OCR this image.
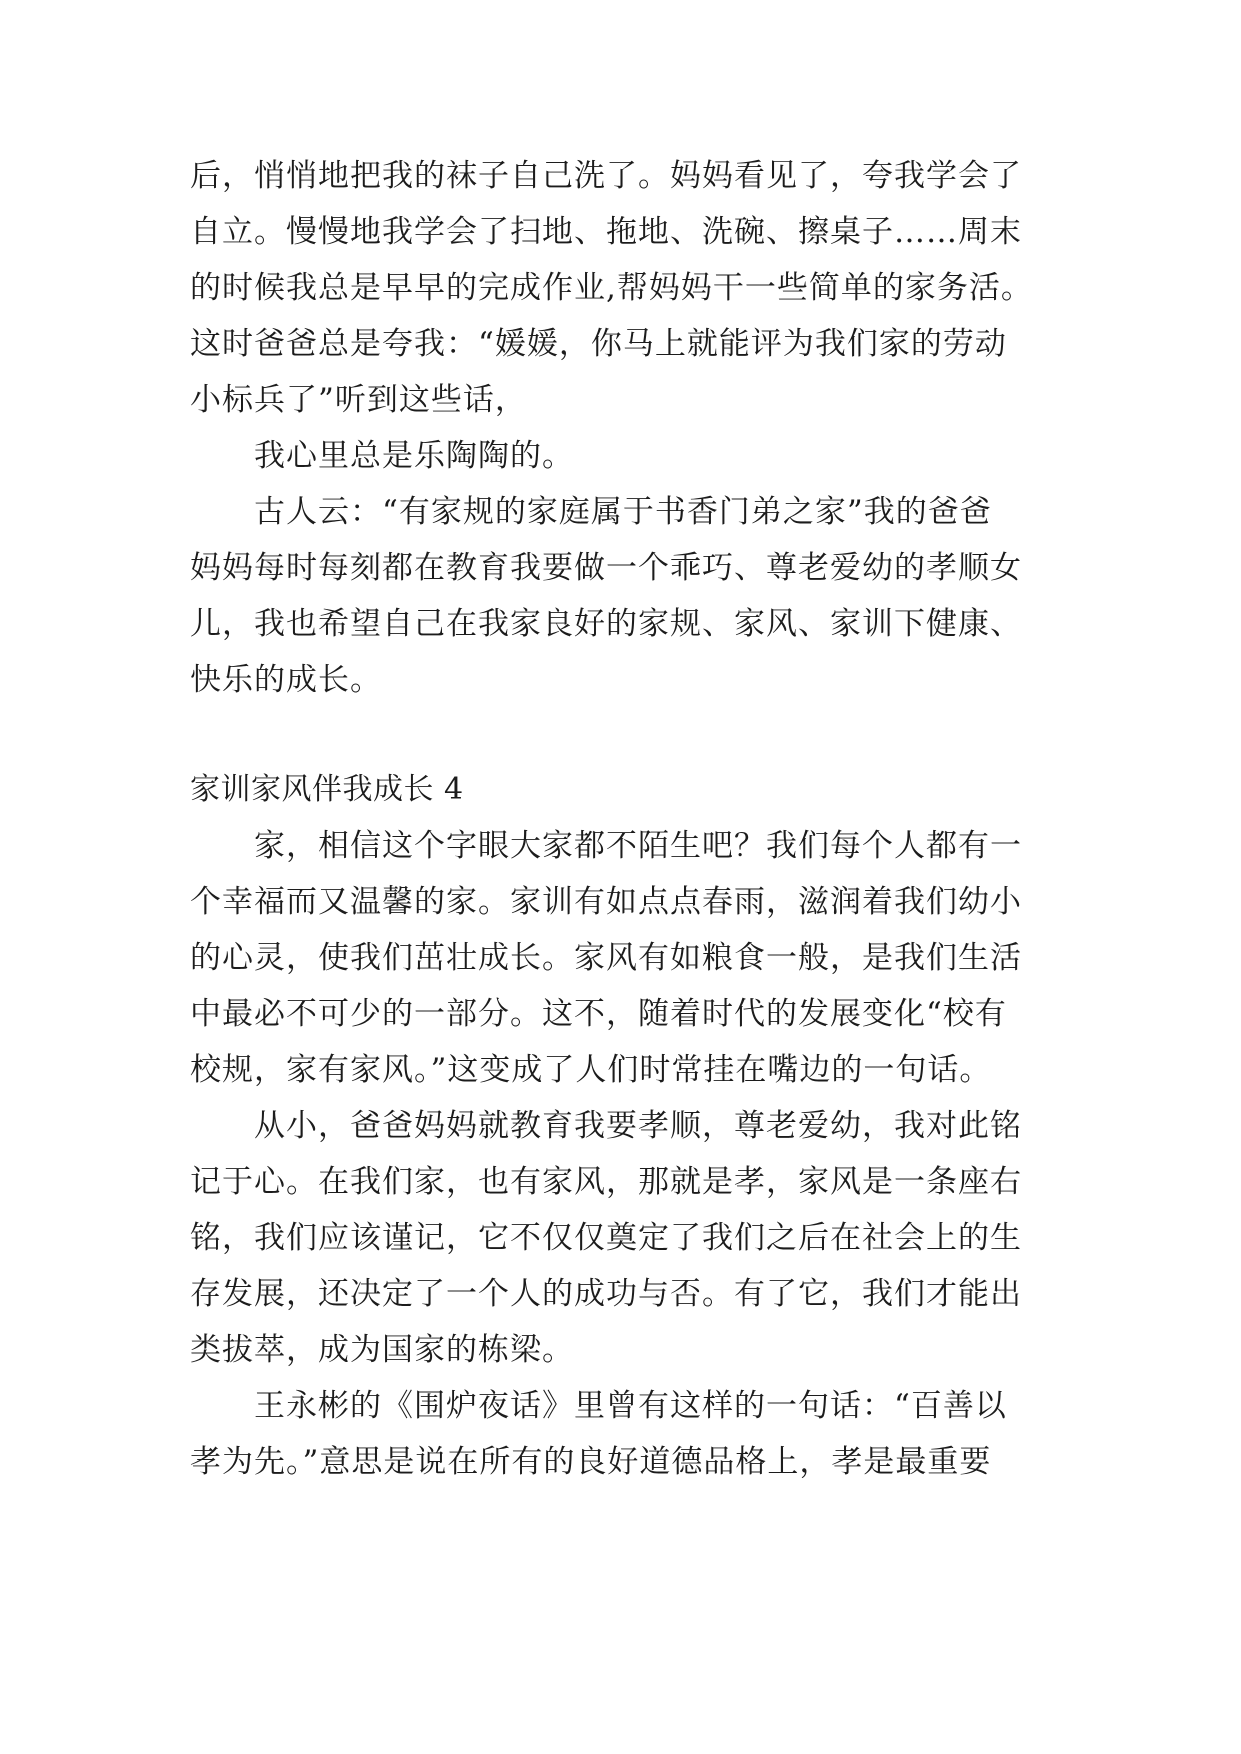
后，悄悄地把我的袜子自己洗了。妈妈看见了，夸我学会了

自立。慢慢地我学会了扫地、拖地、洗碗、擦桌子……周末

的时候我总是早早的完成作业,帮妈妈干一些简单的家务活。

这时爸爸总是夸我：“媛媛，你马上就能评为我们家的劳动

小标兵了”听到这些话，

我心里总是乐陶陶的。

古人云：“有家规的家庭属于书香门弟之家”我的爸爸

妈妈每时每刻都在教育我要做一个乖巧、尊老爱幼的孝顺女

儿，我也希望自己在我家良好的家规、家风、家训下健康、

快乐的成长。

家训家风伴我成长 4

家，相信这个字眼大家都不陌生吧？我们每个人都有一

个幸福而又温馨的家。家训有如点点春雨，滋润着我们幼小

的心灵，使我们茁壮成长。家风有如粮食一般，是我们生活

中最必不可少的一部分。这不，随着时代的发展变化“校有

校规，家有家风。”这变成了人们时常挂在嘴边的一句话。

从小，爸爸妈妈就教育我要孝顺，尊老爱幼，我对此铭

记于心。在我们家，也有家风，那就是孝，家风是一条座右

铭，我们应该谨记，它不仅仅奠定了我们之后在社会上的生

存发展，还决定了一个人的成功与否。有了它，我们才能出

类拔萃，成为国家的栋梁。

王永彬的《围炉夜话》里曾有这样的一句话：“百善以

孝为先。”意思是说在所有的良好道德品格上，孝是最重要
